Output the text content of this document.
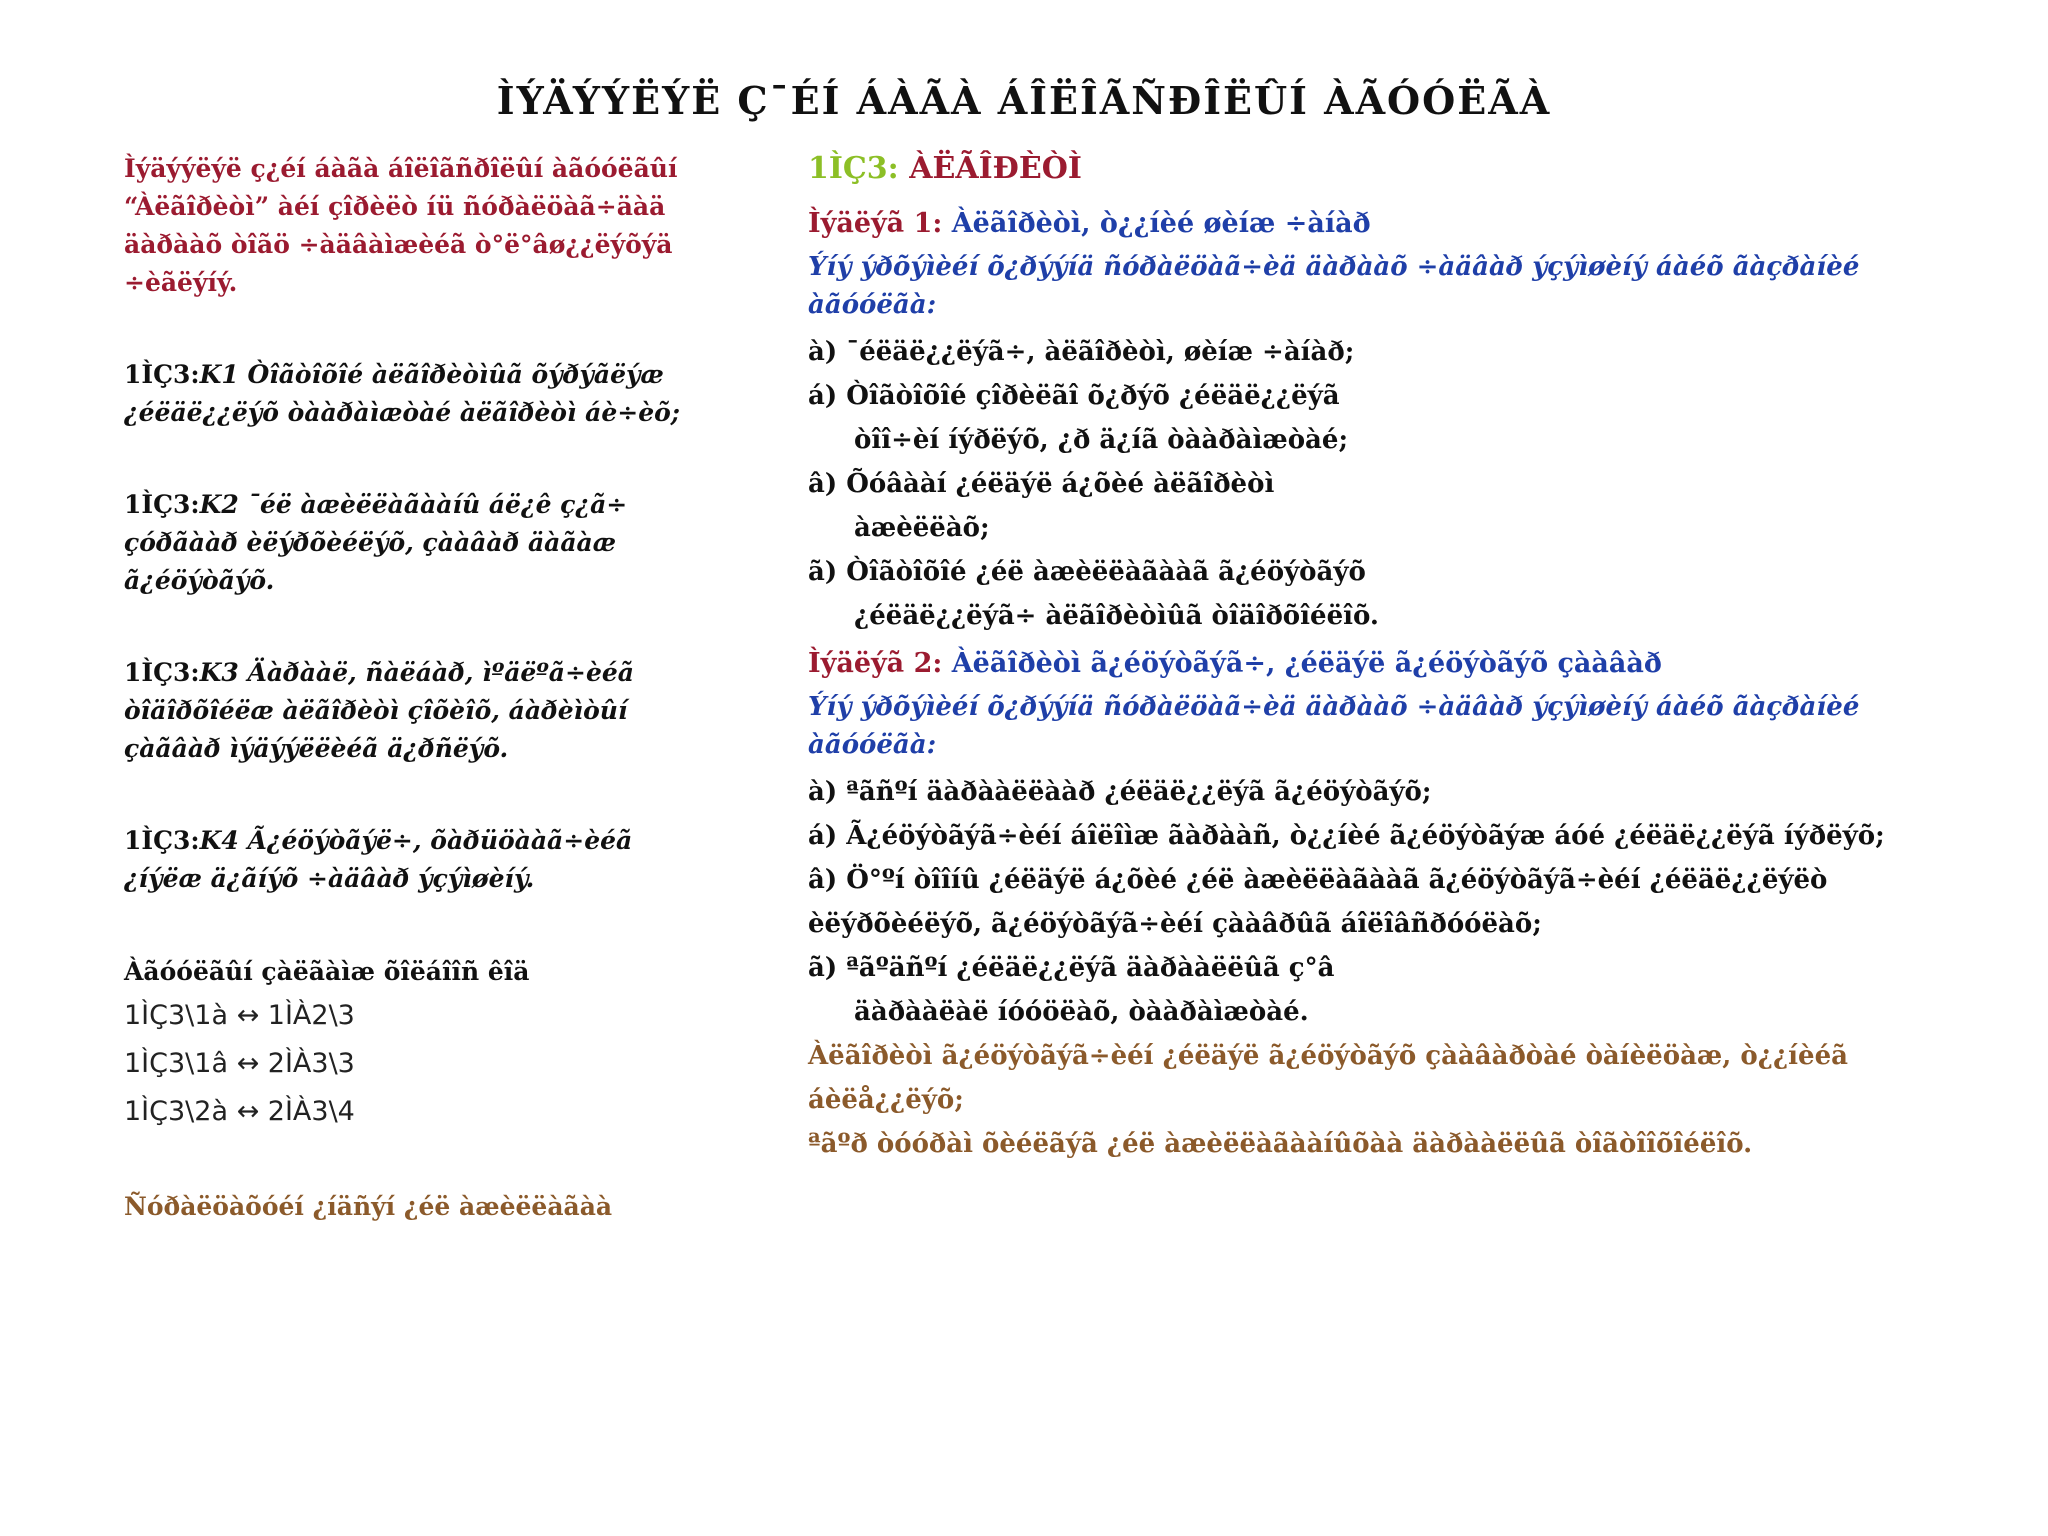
ÌÝÄÝÝËÝË Ç¯ÉÍ ÁÀÃÀ ÁÎËÎÃÑÐÎËÛÍ ÀÃÓÓËÃÀ

Ìýäýýëýë ç¿éí áàãà áîëîãñðîëûí àãóóëãûí “Àëãîðèòì” àéí çîðèëò íü ñóðàëöàã÷äàä äàðààõ òîãö ÷àäâàìæèéã ò°ë°âø¿¿ëýõýä ÷èãëýíý.

1ÌÇ3:K1 Òîãòîõîé àëãîðèòìûã õýðýãëýæ ¿éëäë¿¿ëýõ òààðàìæòàé àëãîðèòì áè÷èõ;

1ÌÇ3:K2 ¯éë àæèëëàãààíû áë¿ê ç¿ã÷ çóðãààð èëýðõèéëýõ, çààâàð äàãàæ ã¿éöýòãýõ.

1ÌÇ3:K3 Äàðààë, ñàëáàð, ìºäëºã÷èéã òîäîðõîéëæ àëãîðèòì çîõèîõ, áàðèìòûí çàãâàð ìýäýýëëèéã ä¿ðñëýõ.

1ÌÇ3:K4 Ã¿éöýòãýë÷, õàðüöààã÷èéã ¿íýëæ ä¿ãíýõ ÷àäâàð ýçýìøèíý.

Àãóóëãûí çàëãàìæ õîëáîîñ êîä
1ÌÇ3\1à ↔ 1ÌÀ2\3
1ÌÇ3\1â ↔ 2ÌÀ3\3
1ÌÇ3\2à ↔ 2ÌÀ3\4
Ñóðàëöàõóéí ¿íäñýí ¿éë àæèëëàãàà
1ÌÇ3: ÀËÃÎÐÈÒÌ
Ìýäëýã 1: Àëãîðèòì, ò¿¿íèé øèíæ ÷àíàð
Ýíý ýðõýìèéí õ¿ðýýíä ñóðàëöàã÷èä äàðààõ ÷àäâàð ýçýìøèíý áàéõ ãàçðàíèé àãóóëãà:
à) ¯éëäë¿¿ëýã÷, àëãîðèòì, øèíæ ÷àíàð;
á) Òîãòîõîé çîðèëãî õ¿ðýõ ¿éëäë¿¿ëýã
òîî÷èí íýðëýõ, ¿ð ä¿íã òààðàìæòàé;
â) Õóâààí ¿éëäýë á¿õèé àëãîðèòì
àæèëëàõ;
ã) Òîãòîõîé ¿éë àæèëëàãààã ã¿éöýòãýõ
¿éëäë¿¿ëýã÷ àëãîðèòìûã òîäîðõîéëîõ.
Ìýäëýã 2: Àëãîðèòì ã¿éöýòãýã÷, ¿éëäýë ã¿éöýòãýõ çààâàð
Ýíý ýðõýìèéí õ¿ðýýíä ñóðàëöàã÷èä äàðààõ ÷àäâàð ýçýìøèíý áàéõ ãàçðàíèé àãóóëãà:
à) ªãñºí äàðààëëààð ¿éëäë¿¿ëýã ã¿éöýòãýõ;
á) Ã¿éöýòãýã÷èéí áîëîìæ ãàðààñ, ò¿¿íèé ã¿éöýòãýæ áóé ¿éëäë¿¿ëýã íýðëýõ;
â) Ö°ºí òîîíû ¿éëäýë á¿õèé ¿éë àæèëëàãààã ã¿éöýòãýã÷èéí ¿éëäë¿¿ëýëò èëýðõèéëýõ, ã¿éöýòãýã÷èéí çààâðûã áîëîâñðóóëàõ;
ã) ªãºäñºí ¿éëäë¿¿ëýã äàðààëëûã ç°â
äàðààëàë íóóöëàõ, òààðàìæòàé.
Àëãîðèòì ã¿éöýòãýã÷èéí ¿éëäýë ã¿éöýòãýõ çààâàðòàé òàíèëöàæ, ò¿¿íèéã áèëå¿¿ëýõ;
ªãºð òóóðàì õèéëãýã ¿éë àæèëëàãààíûõàà äàðààëëûã òîãòîîõîéëîõ.
